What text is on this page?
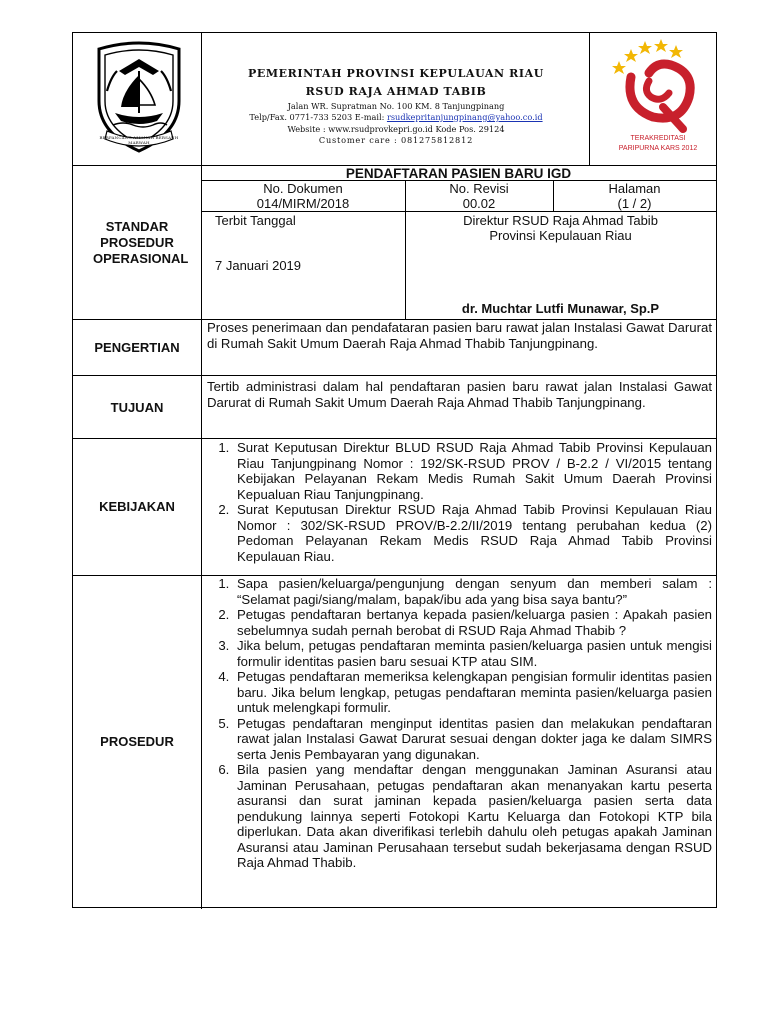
BERPANCANG AMANAH BERSAUH MARWAH
PEMERINTAH PROVINSI KEPULAUAN RIAU
RSUD RAJA AHMAD TABIB
Jalan WR. Supratman No. 100 KM. 8 Tanjungpinang
Telp/Fax. 0771-733 5203 E-mail: rsudkepritanjungpinang@yahoo.co.id
Website : www.rsudprovkepri.go.id Kode Pos. 29124
Customer care : 081275812812	TERAKREDITASI
PARIPURNA KARS 2012
STANDAR PROSEDUR OPERASIONAL
PENDAFTARAN PASIEN BARU IGD
No. Dokumen
014/MIRM/2018
No. Revisi
00.02
Halaman
(1 / 2)
Terbit Tanggal
7 Januari 2019
Direktur RSUD Raja Ahmad Tabib
Provinsi Kepulauan Riau
dr. Muchtar Lutfi Munawar, Sp.P
PENGERTIAN
Proses penerimaan dan pendafataran pasien baru rawat jalan Instalasi Gawat Darurat di Rumah Sakit Umum Daerah Raja Ahmad Thabib Tanjungpinang.
TUJUAN
Tertib administrasi dalam hal pendaftaran pasien baru rawat jalan Instalasi Gawat Darurat di Rumah Sakit Umum Daerah Raja Ahmad Thabib Tanjungpinang.
KEBIJAKAN
1. Surat Keputusan Direktur BLUD RSUD Raja Ahmad Tabib Provinsi Kepulauan Riau Tanjungpinang Nomor : 192/SK-RSUD PROV / B-2.2 / VI/2015 tentang Kebijakan Pelayanan Rekam Medis Rumah Sakit Umum Daerah Provinsi Kepualuan Riau Tanjungpinang.
2. Surat Keputusan Direktur RSUD Raja Ahmad Tabib Provinsi Kepulauan Riau Nomor : 302/SK-RSUD PROV/B-2.2/II/2019 tentang perubahan kedua (2) Pedoman Pelayanan Rekam Medis RSUD Raja Ahmad Tabib Provinsi Kepulauan Riau.
PROSEDUR
1. Sapa pasien/keluarga/pengunjung dengan senyum dan memberi salam : “Selamat pagi/siang/malam, bapak/ibu ada yang bisa saya bantu?”
2. Petugas pendaftaran bertanya kepada pasien/keluarga pasien : Apakah pasien sebelumnya sudah pernah berobat di RSUD Raja Ahmad Thabib ?
3. Jika belum, petugas pendaftaran meminta pasien/keluarga pasien untuk mengisi formulir identitas pasien baru sesuai KTP atau SIM.
4. Petugas pendaftaran memeriksa kelengkapan pengisian formulir identitas pasien baru. Jika belum lengkap, petugas pendaftaran meminta pasien/keluarga pasien untuk melengkapi formulir.
5. Petugas pendaftaran menginput identitas pasien dan melakukan pendaftaran rawat jalan Instalasi Gawat Darurat sesuai dengan dokter jaga ke dalam SIMRS serta Jenis Pembayaran yang digunakan.
6. Bila pasien yang mendaftar dengan menggunakan Jaminan Asuransi atau Jaminan Perusahaan, petugas pendaftaran akan menanyakan kartu peserta asuransi dan surat jaminan kepada pasien/keluarga pasien serta data pendukung lainnya seperti Fotokopi Kartu Keluarga dan Fotokopi KTP bila diperlukan. Data akan diverifikasi terlebih dahulu oleh petugas apakah Jaminan Asuransi atau Jaminan Perusahaan tersebut sudah bekerjasama dengan RSUD Raja Ahmad Thabib.
